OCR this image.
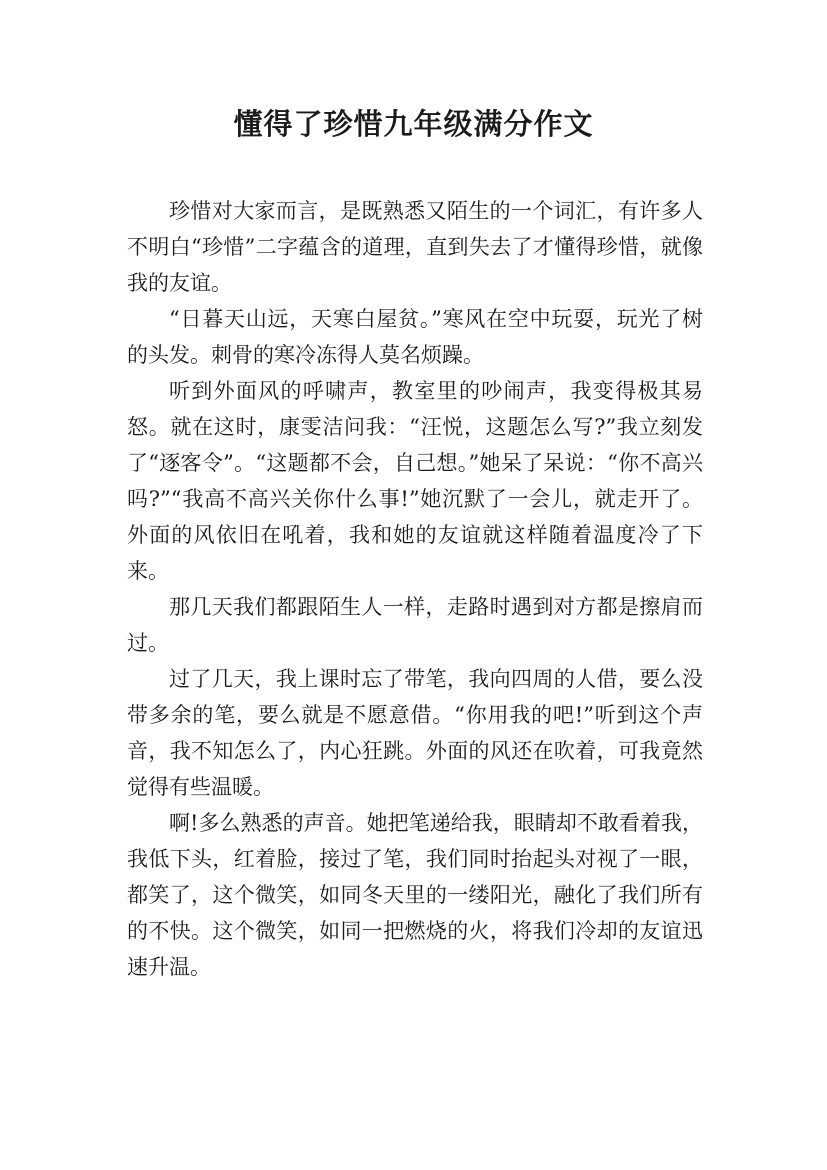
懂得了珍惜九年级满分作文

珍惜对大家而言，是既熟悉又陌生的一个词汇，有许多人不明白“珍惜”二字蕴含的道理，直到失去了才懂得珍惜，就像我的友谊。

“日暮天山远，天寒白屋贫。”寒风在空中玩耍，玩光了树的头发。刺骨的寒冷冻得人莫名烦躁。

听到外面风的呼啸声，教室里的吵闹声，我变得极其易怒。就在这时，康雯洁问我：“汪悦，这题怎么写?”我立刻发了“逐客令”。“这题都不会，自己想。”她呆了呆说：“你不高兴吗?”“我高不高兴关你什么事!”她沉默了一会儿，就走开了。外面的风依旧在吼着，我和她的友谊就这样随着温度冷了下来。

那几天我们都跟陌生人一样，走路时遇到对方都是擦肩而过。

过了几天，我上课时忘了带笔，我向四周的人借，要么没带多余的笔，要么就是不愿意借。“你用我的吧!”听到这个声音，我不知怎么了，内心狂跳。外面的风还在吹着，可我竟然觉得有些温暖。

啊!多么熟悉的声音。她把笔递给我，眼睛却不敢看着我，我低下头，红着脸，接过了笔，我们同时抬起头对视了一眼，都笑了，这个微笑，如同冬天里的一缕阳光，融化了我们所有的不快。这个微笑，如同一把燃烧的火，将我们冷却的友谊迅速升温。
